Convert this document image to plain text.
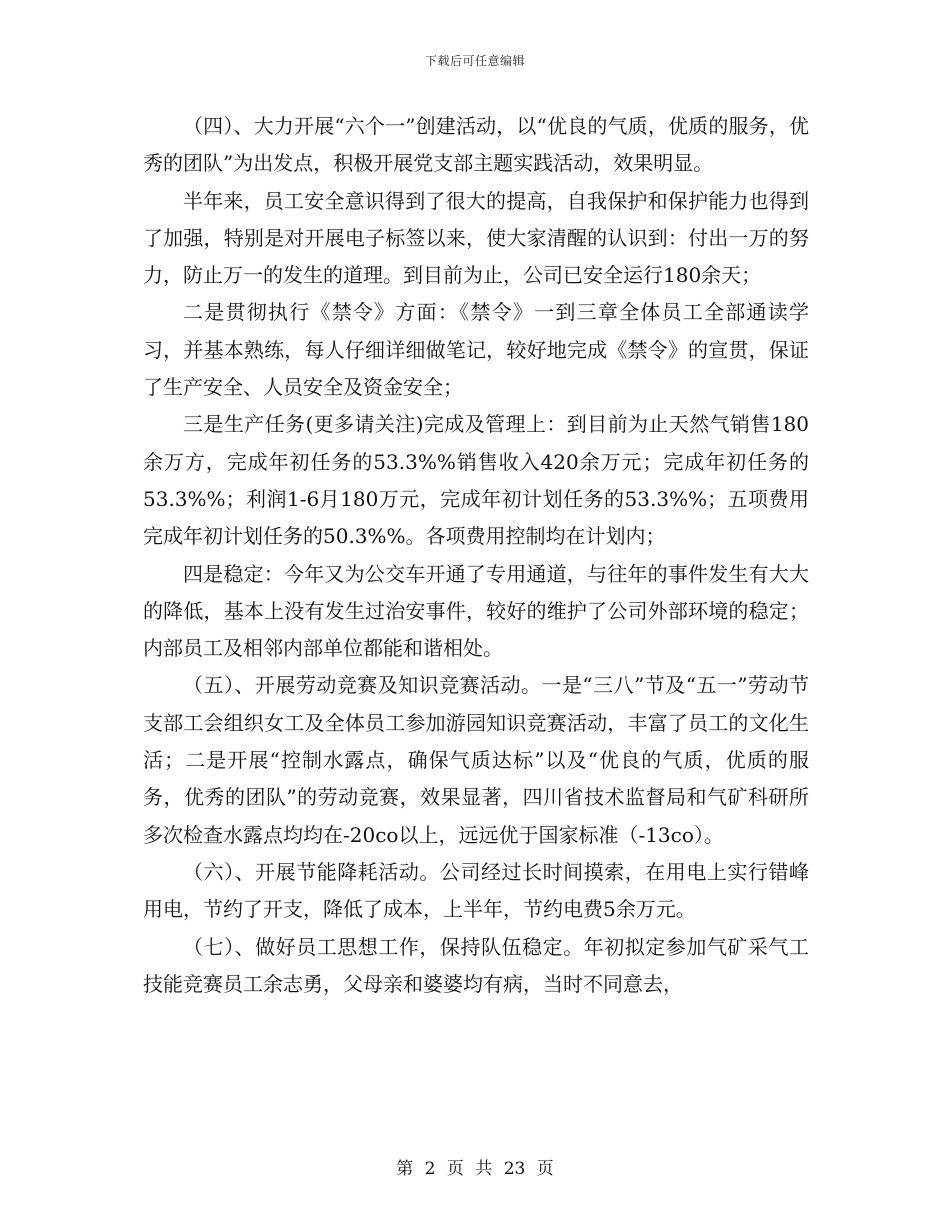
下载后可任意编辑

（四）、大力开展“六个一”创建活动，以“优良的气质，优质的服务，优秀的团队”为出发点，积极开展党支部主题实践活动，效果明显。

半年来，员工安全意识得到了很大的提高，自我保护和保护能力也得到了加强，特别是对开展电子标签以来，使大家清醒的认识到：付出一万的努力，防止万一的发生的道理。到目前为止，公司已安全运行180余天；

二是贯彻执行《禁令》方面：《禁令》一到三章全体员工全部通读学习，并基本熟练，每人仔细详细做笔记，较好地完成《禁令》的宣贯，保证了生产安全、人员安全及资金安全；

三是生产任务(更多请关注)完成及管理上：到目前为止天然气销售180余万方，完成年初任务的53.3%%销售收入420余万元；完成年初任务的53.3%%；利润1-6月180万元，完成年初计划任务的53.3%%；五项费用完成年初计划任务的50.3%%。各项费用控制均在计划内；

四是稳定：今年又为公交车开通了专用通道，与往年的事件发生有大大的降低，基本上没有发生过治安事件，较好的维护了公司外部环境的稳定；内部员工及相邻内部单位都能和谐相处。

（五）、开展劳动竞赛及知识竞赛活动。一是“三八”节及“五一”劳动节支部工会组织女工及全体员工参加游园知识竞赛活动，丰富了员工的文化生活；二是开展“控制水露点，确保气质达标”以及“优良的气质，优质的服务，优秀的团队”的劳动竞赛，效果显著，四川省技术监督局和气矿科研所多次检查水露点均均在-20co以上，远远优于国家标准（-13co）。

（六）、开展节能降耗活动。公司经过长时间摸索，在用电上实行错峰用电，节约了开支，降低了成本，上半年，节约电费5余万元。

（七）、做好员工思想工作，保持队伍稳定。年初拟定参加气矿采气工技能竞赛员工余志勇，父母亲和婆婆均有病，当时不同意去，

第 2 页 共 23 页
